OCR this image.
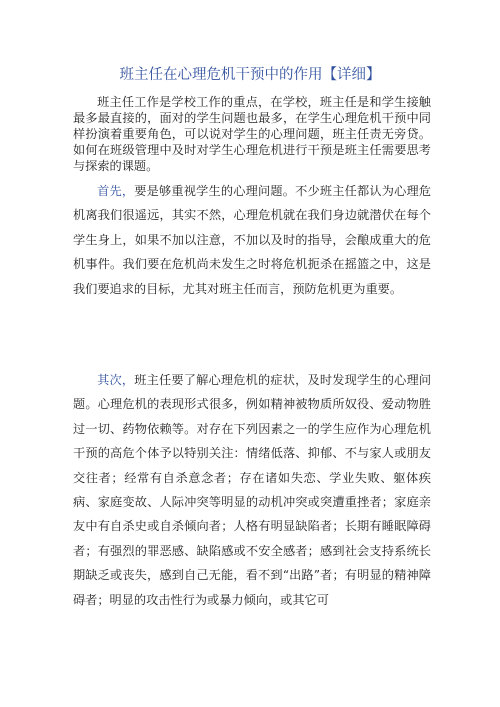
班主任在心理危机干预中的作用【详细】

班主任工作是学校工作的重点，在学校，班主任是和学生接触最多最直接的，面对的学生问题也最多，在学生心理危机干预中同样扮演着重要角色，可以说对学生的心理问题，班主任责无旁贷。如何在班级管理中及时对学生心理危机进行干预是班主任需要思考与探索的课题。

首先，要是够重视学生的心理问题。不少班主任都认为心理危机离我们很遥远，其实不然，心理危机就在我们身边就潜伏在每个学生身上，如果不加以注意，不加以及时的指导，会酿成重大的危机事件。我们要在危机尚未发生之时将危机扼杀在摇篮之中，这是我们要追求的目标，尤其对班主任而言，预防危机更为重要。

其次，班主任要了解心理危机的症状，及时发现学生的心理问题。心理危机的表现形式很多，例如精神被物质所奴役、爱动物胜过一切、药物依赖等。对存在下列因素之一的学生应作为心理危机干预的高危个体予以特别关注：情绪低落、抑郁、不与家人或朋友交往者；经常有自杀意念者；存在诸如失恋、学业失败、躯体疾病、家庭变故、人际冲突等明显的动机冲突或突遭重挫者；家庭亲友中有自杀史或自杀倾向者；人格有明显缺陷者；长期有睡眠障碍者；有强烈的罪恶感、缺陷感或不安全感者；感到社会支持系统长期缺乏或丧失，感到自己无能，看不到“出路”者；有明显的精神障碍者；明显的攻击性行为或暴力倾向，或其它可
